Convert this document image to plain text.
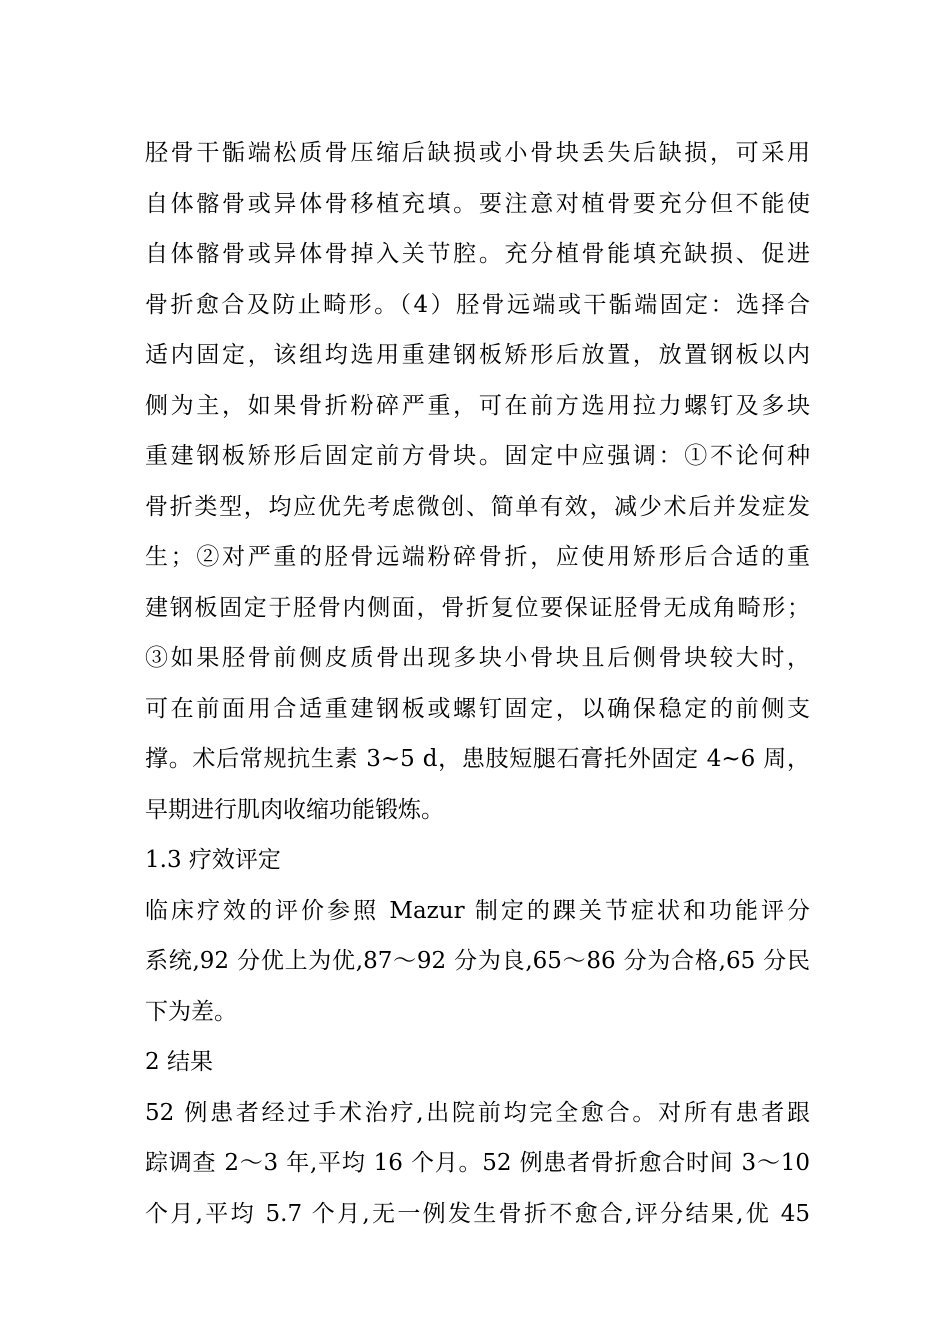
胫骨干骺端松质骨压缩后缺损或小骨块丢失后缺损，可采用
自体髂骨或异体骨移植充填。要注意对植骨要充分但不能使
自体髂骨或异体骨掉入关节腔。充分植骨能填充缺损、促进
骨折愈合及防止畸形。（4）胫骨远端或干骺端固定：选择合
适内固定，该组均选用重建钢板矫形后放置，放置钢板以内
侧为主，如果骨折粉碎严重，可在前方选用拉力螺钉及多块
重建钢板矫形后固定前方骨块。固定中应强调：①不论何种
骨折类型，均应优先考虑微创、简单有效，减少术后并发症发
生；②对严重的胫骨远端粉碎骨折，应使用矫形后合适的重
建钢板固定于胫骨内侧面，骨折复位要保证胫骨无成角畸形；
③如果胫骨前侧皮质骨出现多块小骨块且后侧骨块较大时，
可在前面用合适重建钢板或螺钉固定，以确保稳定的前侧支
撑。术后常规抗生素 3~5 d，患肢短腿石膏托外固定 4~6 周，
早期进行肌肉收缩功能锻炼。
1.3 疗效评定
临床疗效的评价参照 Mazur 制定的踝关节症状和功能评分
系统,92 分优上为优,87～92 分为良,65～86 分为合格,65 分民
下为差。
2 结果
52 例患者经过手术治疗,出院前均完全愈合。对所有患者跟
踪调查 2～3 年,平均 16 个月。52 例患者骨折愈合时间 3～10
个月,平均 5.7 个月,无一例发生骨折不愈合,评分结果,优 45
